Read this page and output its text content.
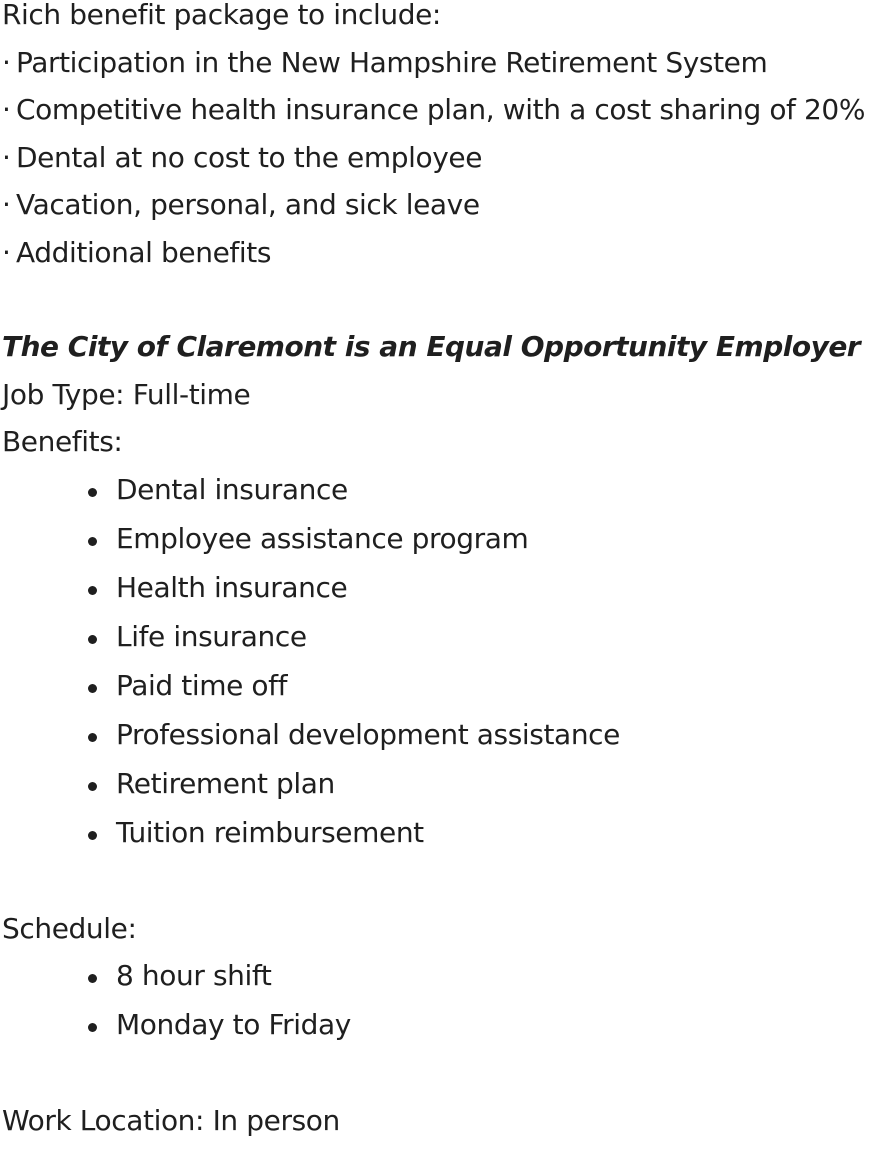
Rich benefit package to include:
· Participation in the New Hampshire Retirement System
· Competitive health insurance plan, with a cost sharing of 20%
· Dental at no cost to the employee
· Vacation, personal, and sick leave
· Additional benefits
The City of Claremont is an Equal Opportunity Employer
Job Type: Full-time
Benefits:
Dental insurance
Employee assistance program
Health insurance
Life insurance
Paid time off
Professional development assistance
Retirement plan
Tuition reimbursement
Schedule:
8 hour shift
Monday to Friday
Work Location: In person
